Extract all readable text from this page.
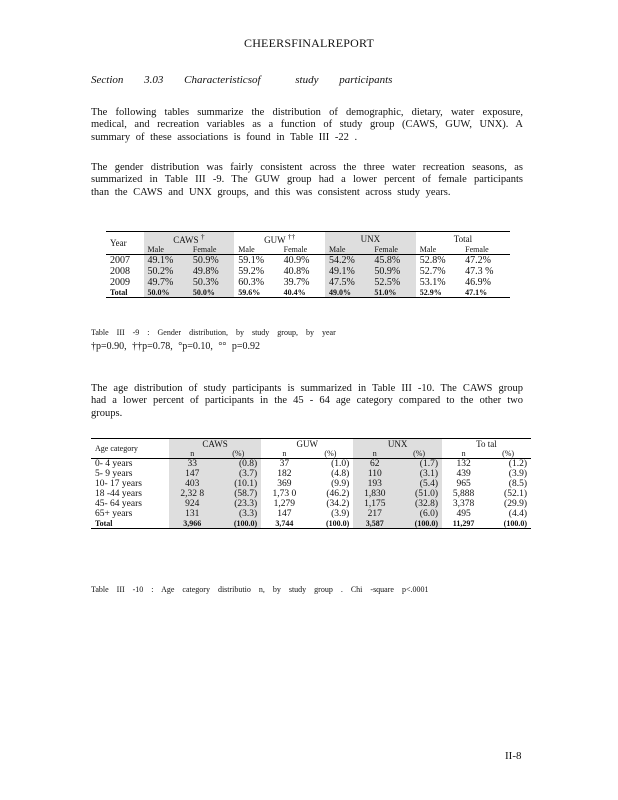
CHEERSFINALREPORT
Section 3.03 Characteristicsof	study participants
The following tables summarize the distribution of demographic, dietary, water exposure, medical, and recreation variables as a function of study group (CAWS, GUW, UNX). A summary of these associations is found in Table III -22 .
The gender distribution was fairly consistent across the three water recreation seasons, as summarized in Table III -9. The GUW group had a lower percent of female participants than the CAWS and UNX groups, and this was consistent across study years.
Year	CAWS †		GUW ††		UNX		Total	
	Male	Female	Male	Female	Male	Female	Male	Female
2007	49.1%	50.9%	59.1%	40.9%	54.2%	45.8%	52.8%	47.2%
2008	50.2%	49.8%	59.2%	40.8%	49.1%	50.9%	52.7%	47.3 %
2009	49.7%	50.3%	60.3%	39.7%	47.5%	52.5%	53.1%	46.9%
Total	50.0%	50.0%	59.6%	40.4%	49.0%	51.0%	52.9%	47.1%
Table III -9 : Gender distribution, by study group, by year
†p=0.90, ††p=0.78, °p=0.10, °° p=0.92
The age distribution of study participants is summarized in Table III -10. The CAWS group had a lower percent of participants in the 45 - 64 age category compared to the other two groups.
Age category	CAWS		GUW		UNX		To tal	
	n	(%)	n	(%)	n	(%)	n	(%)
0- 4 years	33	(0.8)	37	(1.0)	62	(1.7)	132	(1.2)
5- 9 years	147	(3.7)	182	(4.8)	110	(3.1)	439	(3.9)
10- 17 years	403	(10.1)	369	(9.9)	193	(5.4)	965	(8.5)
18 -44 years	2,32 8	(58.7)	1,73 0	(46.2)	1,830	(51.0)	5,888	(52.1)
45- 64 years	924	(23.3)	1,279	(34.2)	1,175	(32.8)	3,378	(29.9)
65+ years	131	(3.3)	147	(3.9)	217	(6.0)	495	(4.4)
Total	3,966	(100.0)	3,744	(100.0)	3,587	(100.0)	11,297	(100.0)
Table III -10 : Age category distributio n, by study group . Chi -square p<.0001
II-8
